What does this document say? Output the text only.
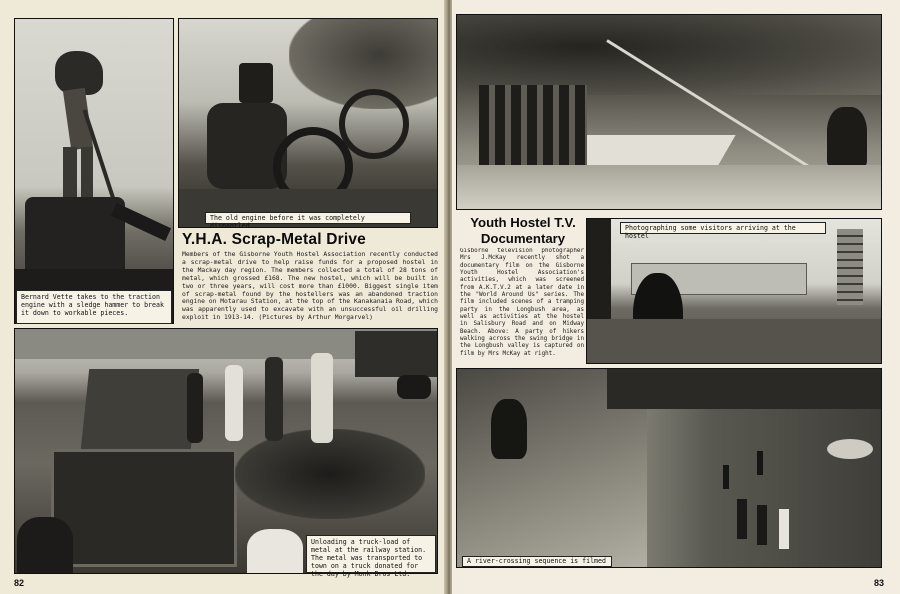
Bernard Vette takes to the traction engine with a sledge hammer to break it down to workable pieces.
The old engine before it was completely dismantled
Y.H.A. Scrap-Metal Drive
Members of the Gisborne Youth Hostel Association recently conducted a scrap-metal drive to help raise funds for a proposed hostel in the Mackay day region. The members collected a total of 28 tons of metal, which grossed £168. The new hostel, which will be built in two or three years, will cost more than £1000. Biggest single item of scrap-metal found by the hostellers was an abandoned traction engine on Motarau Station, at the top of the Kanakanaia Road, which was apparently used to excavate with an unsuccessful oil drilling exploit in 1913-14. (Pictures by Arthur Morgarvel)
Unloading a truck-load of metal at the railway station. The metal was transported to town on a truck donated for the day by Monk Bros Ltd.
82
Youth Hostel T.V. Documentary
Gisborne television photographer Mrs J.McKay recently shot a documentary film on the Gisborne Youth Hostel Association's activities, which was screened from A.K.T.V.2 at a later date in the "World Around Us" series. The film included scenes of a tramping party in the Longbush area, as well as activities at the hostel in Salisbury Road and on Midway Beach. Above: A party of hikers walking across the swing bridge in the Longbush valley is captured on film by Mrs McKay at right.
Photographing some visitors arriving at the hostel
A river-crossing sequence is filmed
83
